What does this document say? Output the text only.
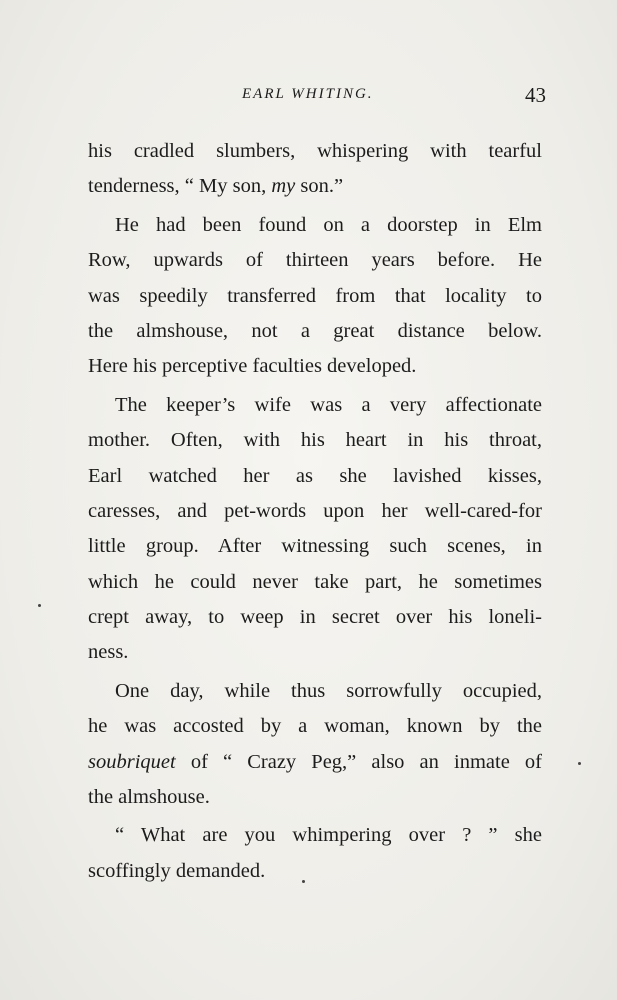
EARL WHITING.	43
his cradled slumbers, whispering with tearful
tenderness, “ My son, my son.”
He had been found on a doorstep in Elm
Row, upwards of thirteen years before. He
was speedily transferred from that locality to
the almshouse, not a great distance below.
Here his perceptive faculties developed.
The keeper’s wife was a very affectionate
mother. Often, with his heart in his throat,
Earl watched her as she lavished kisses,
caresses, and pet-words upon her well-cared-for
little group. After witnessing such scenes, in
which he could never take part, he sometimes
crept away, to weep in secret over his loneli-
ness.
One day, while thus sorrowfully occupied,
he was accosted by a woman, known by the
soubriquet of “ Crazy Peg,” also an inmate of
the almshouse.
“ What are you whimpering over ? ” she
scoffingly demanded.
